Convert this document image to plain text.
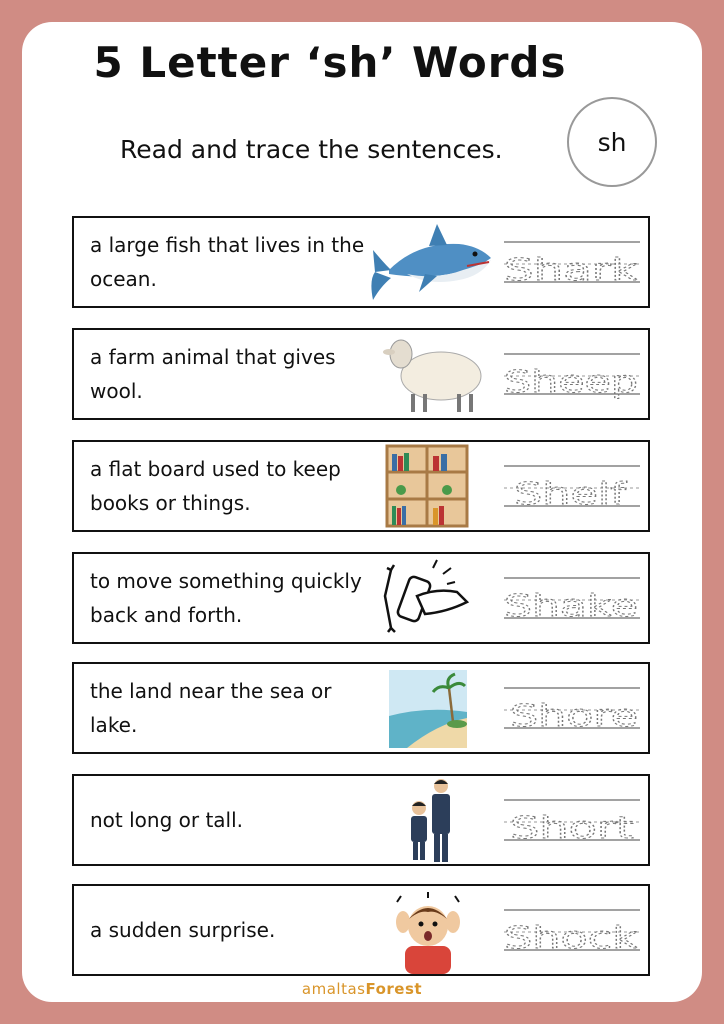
5 Letter ‘sh’ Words
Read and trace the sentences.	sh
a large fish that lives in the ocean.	Shark
a farm animal that gives wool.	Sheep
a flat board used to keep books or things.	Shelf
to move something quickly back and forth.	Shake
the land near the sea or lake.	Shore
not long or tall.	Short
a sudden surprise.	Shock
amaltasForest
